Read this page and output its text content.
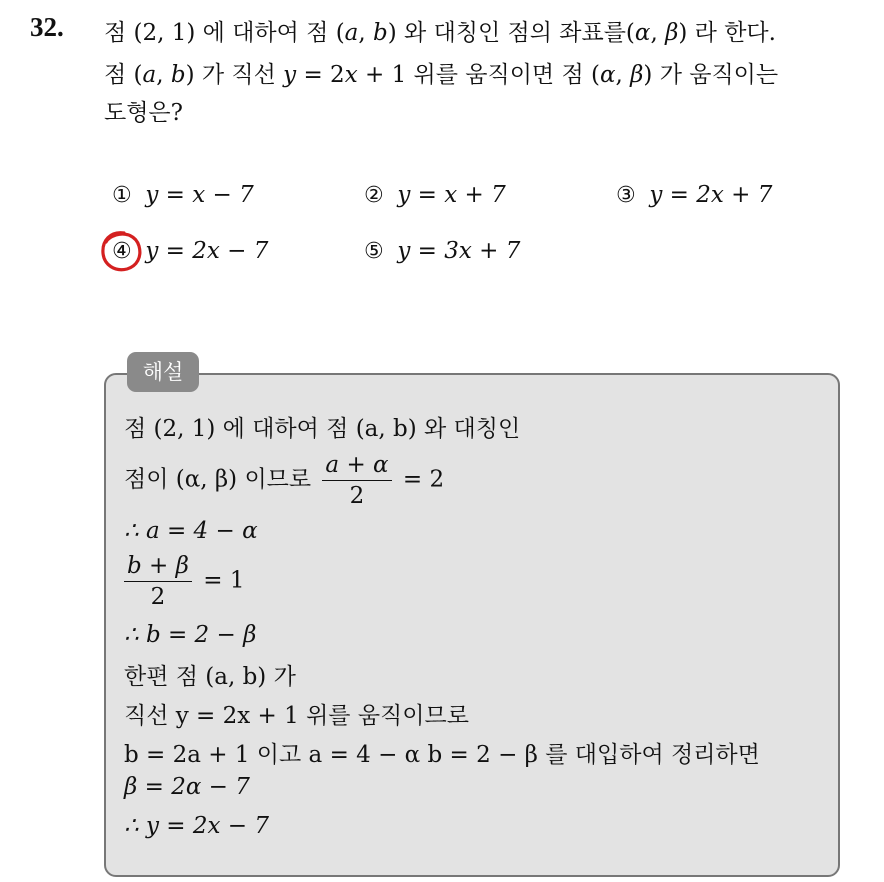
32. 점 (2, 1) 에 대하여 점 (a, b) 와 대칭인 점의 좌표를(α, β) 라 한다.
점 (a, b) 가 직선 y = 2x + 1 위를 움직이면 점 (α, β) 가 움직이는
도형은?
① y = x − 7	② y = x + 7	③ y = 2x + 7
④ y = 2x − 7	⑤ y = 3x + 7
해설
점 (2, 1) 에 대하여 점 (a, b) 와 대칭인
점이 (α, β) 이므로 $\frac{a + \alpha}{2} = 2$
∴ a = 4 − α
$\frac{b + \beta}{2} = 1$
∴ b = 2 − β
한편 점 (a, b) 가
직선 y = 2x + 1 위를 움직이므로
b = 2a + 1 이고 a = 4 − α b = 2 − β 를 대입하여 정리하면
β = 2α − 7
∴ y = 2x − 7
